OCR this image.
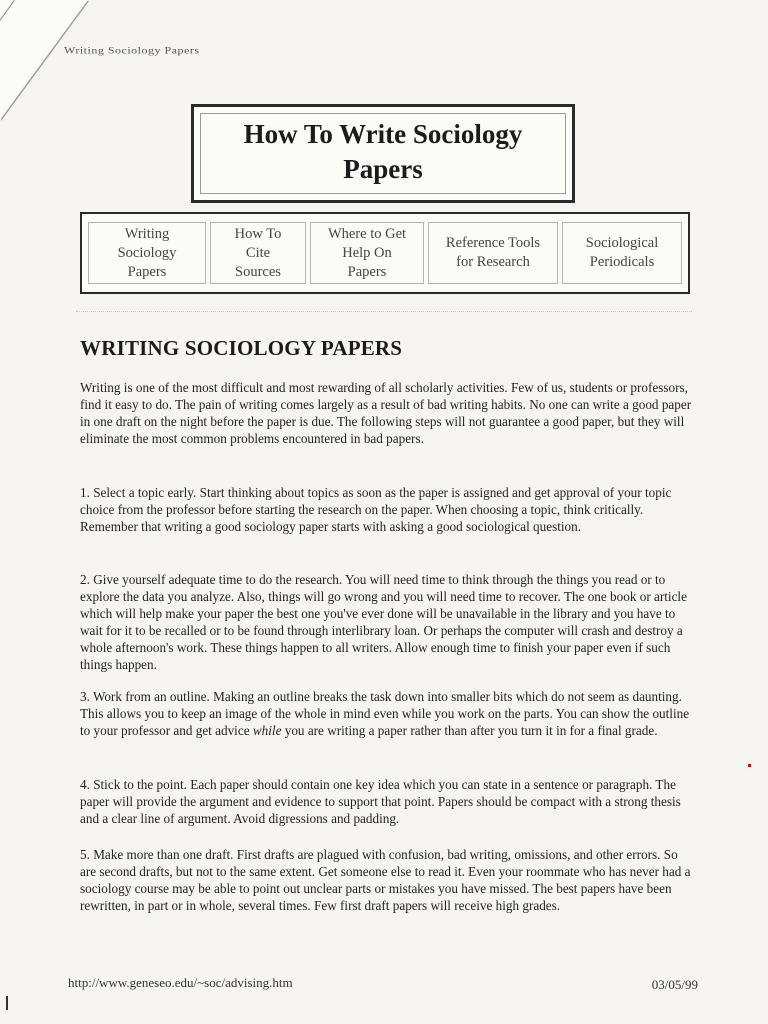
Writing Sociology Papers
How To Write Sociology
Papers
Writing
Sociology
Papers
How To
Cite
Sources
Where to Get
Help On
Papers
Reference Tools
for Research
Sociological
Periodicals
WRITING SOCIOLOGY PAPERS

Writing is one of the most difficult and most rewarding of all scholarly activities. Few of us, students or professors, find it easy to do. The pain of writing comes largely as a result of bad writing habits. No one can write a good paper in one draft on the night before the paper is due. The following steps will not guarantee a good paper, but they will eliminate the most common problems encountered in bad papers.

1. Select a topic early. Start thinking about topics as soon as the paper is assigned and get approval of your topic choice from the professor before starting the research on the paper. When choosing a topic, think critically. Remember that writing a good sociology paper starts with asking a good sociological question.

2. Give yourself adequate time to do the research. You will need time to think through the things you read or to explore the data you analyze. Also, things will go wrong and you will need time to recover. The one book or article which will help make your paper the best one you've ever done will be unavailable in the library and you have to wait for it to be recalled or to be found through interlibrary loan. Or perhaps the computer will crash and destroy a whole afternoon's work. These things happen to all writers. Allow enough time to finish your paper even if such things happen.

3. Work from an outline. Making an outline breaks the task down into smaller bits which do not seem as daunting. This allows you to keep an image of the whole in mind even while you work on the parts. You can show the outline to your professor and get advice while you are writing a paper rather than after you turn it in for a final grade.

4. Stick to the point. Each paper should contain one key idea which you can state in a sentence or paragraph. The paper will provide the argument and evidence to support that point. Papers should be compact with a strong thesis and a clear line of argument. Avoid digressions and padding.

5. Make more than one draft. First drafts are plagued with confusion, bad writing, omissions, and other errors. So are second drafts, but not to the same extent. Get someone else to read it. Even your roommate who has never had a sociology course may be able to point out unclear parts or mistakes you have missed. The best papers have been rewritten, in part or in whole, several times. Few first draft papers will receive high grades.

http://www.geneseo.edu/~soc/advising.htm	03/05/99
